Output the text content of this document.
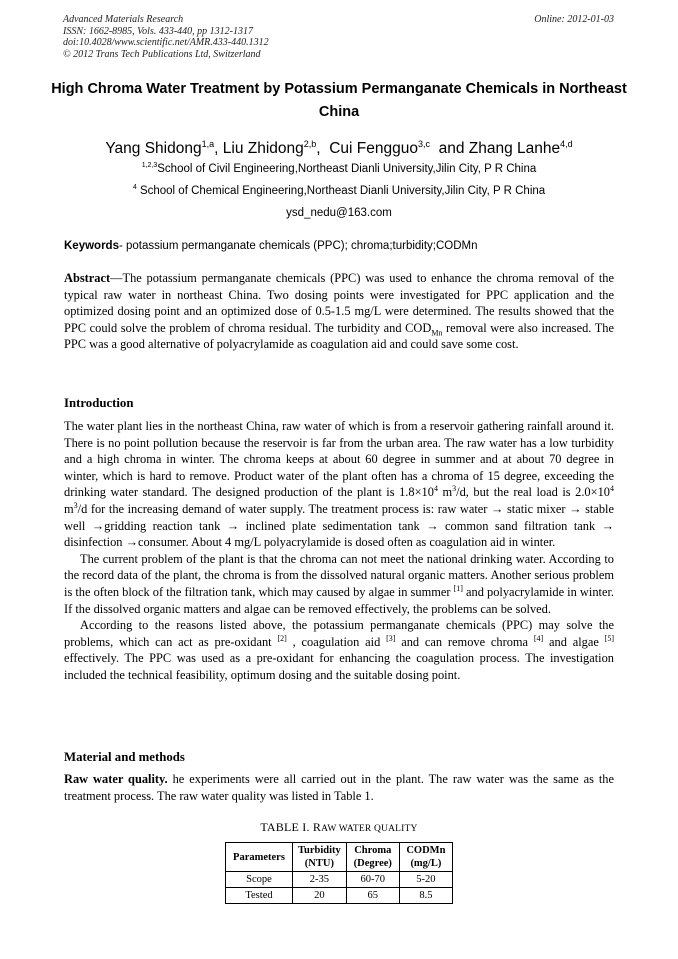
Advanced Materials Research
ISSN: 1662-8985, Vols. 433-440, pp 1312-1317
doi:10.4028/www.scientific.net/AMR.433-440.1312
© 2012 Trans Tech Publications Ltd, Switzerland
Online: 2012-01-03
High Chroma Water Treatment by Potassium Permanganate Chemicals in Northeast China
Yang Shidong$^{1,a}$, Liu Zhidong$^{2,b}$,  Cui Fengguo$^{3,c}$  and Zhang Lanhe$^{4,d}$
$^{1,2,3}$School of Civil Engineering,Northeast Dianli University,Jilin City, P R China
$^4$ School of Chemical Engineering,Northeast Dianli University,Jilin City, P R China
ysd_nedu@163.com
Keywords- potassium permanganate chemicals (PPC); chroma;turbidity;CODMn

Abstract—The potassium permanganate chemicals (PPC) was used to enhance the chroma removal of the typical raw water in northeast China. Two dosing points were investigated for PPC application and the optimized dosing point and an optimized dose of 0.5-1.5 mg/L were determined. The results showed that the PPC could solve the problem of chroma residual. The turbidity and $COD_{Mn}$ removal were also increased. The PPC was a good alternative of polyacrylamide as coagulation aid and could save some cost.

Introduction

The water plant lies in the northeast China, raw water of which is from a reservoir gathering rainfall around it. There is no point pollution because the reservoir is far from the urban area. The raw water has a low turbidity and a high chroma in winter. The chroma keeps at about 60 degree in summer and at about 70 degree in winter, which is hard to remove. Product water of the plant often has a chroma of 15 degree, exceeding the drinking water standard. The designed production of the plant is $1.8\times 10^4$ $m^3/d$, but the real load is $2.0\times 10^4$ $m^3/d$ for the increasing demand of water supply. The treatment process is: raw water → static mixer → stable well →gridding reaction tank → inclined plate sedimentation tank → common sand filtration tank → disinfection →consumer. About 4 mg/L polyacrylamide is dosed often as coagulation aid in winter.

The current problem of the plant is that the chroma can not meet the national drinking water. According to the record data of the plant, the chroma is from the dissolved natural organic matters. Another serious problem is the often block of the filtration tank, which may caused by algae in summer [1] and polyacrylamide in winter. If the dissolved organic matters and algae can be removed effectively, the problems can be solved.

According to the reasons listed above, the potassium permanganate chemicals (PPC) may solve the problems, which can act as pre-oxidant [2] , coagulation aid [3] and can remove chroma [4] and algae [5] effectively. The PPC was used as a pre-oxidant for enhancing the coagulation process. The investigation included the technical feasibility, optimum dosing and the suitable dosing point.

Material and methods

Raw water quality. he experiments were all carried out in the plant. The raw water was the same as the treatment process. The raw water quality was listed in Table 1.

TABLE I. RAW WATER QUALITY
Parameters	Turbidity (NTU)	Chroma (Degree)	CODMn (mg/L)
Scope	2-35	60-70	5-20
Tested	20	65	8.5
